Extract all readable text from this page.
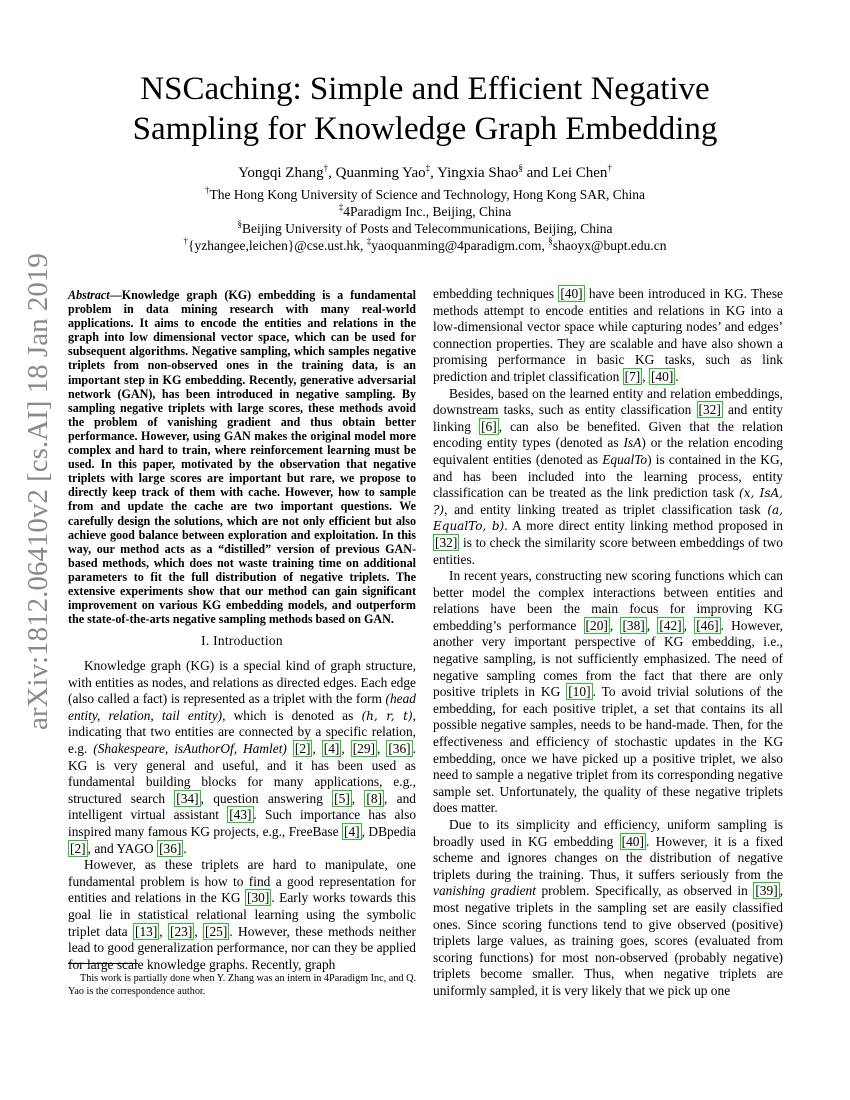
NSCaching: Simple and Efficient Negative Sampling for Knowledge Graph Embedding
Yongqi Zhang†, Quanming Yao‡, Yingxia Shao§ and Lei Chen†
†The Hong Kong University of Science and Technology, Hong Kong SAR, China
‡4Paradigm Inc., Beijing, China
§Beijing University of Posts and Telecommunications, Beijing, China
†{yzhangee,leichen}@cse.ust.hk, ‡yaoquanming@4paradigm.com, §shaoyx@bupt.edu.cn
arXiv:1812.06410v2 [cs.AI] 18 Jan 2019	Abstract—Knowledge graph (KG) embedding is a fundamental problem in data mining research with many real-world applications. It aims to encode the entities and relations in the graph into low dimensional vector space, which can be used for subsequent algorithms. Negative sampling, which samples negative triplets from non-observed ones in the training data, is an important step in KG embedding. Recently, generative adversarial network (GAN), has been introduced in negative sampling. By sampling negative triplets with large scores, these methods avoid the problem of vanishing gradient and thus obtain better performance. However, using GAN makes the original model more complex and hard to train, where reinforcement learning must be used. In this paper, motivated by the observation that negative triplets with large scores are important but rare, we propose to directly keep track of them with cache. However, how to sample from and update the cache are two important questions. We carefully design the solutions, which are not only efficient but also achieve good balance between exploration and exploitation. In this way, our method acts as a “distilled” version of previous GAN-based methods, which does not waste training time on additional parameters to fit the full distribution of negative triplets. The extensive experiments show that our method can gain significant improvement on various KG embedding models, and outperform the state-of-the-arts negative sampling methods based on GAN.
I. Introduction

Knowledge graph (KG) is a special kind of graph structure, with entities as nodes, and relations as directed edges. Each edge (also called a fact) is represented as a triplet with the form (head entity, relation, tail entity), which is denoted as (h, r, t), indicating that two entities are connected by a specific relation, e.g. (Shakespeare, isAuthorOf, Hamlet) [2] , [4] , [29] , [36] . KG is very general and useful, and it has been used as fundamental building blocks for many applications, e.g., structured search [34] , question answering [5] , [8] , and intelligent virtual assistant [43] . Such importance has also inspired many famous KG projects, e.g., FreeBase [4] , DBpedia [2] , and YAGO [36] .

However, as these triplets are hard to manipulate, one fundamental problem is how to find a good representation for entities and relations in the KG [30] . Early works towards this goal lie in statistical relational learning using the symbolic triplet data [13] , [23] , [25] . However, these methods neither lead to good generalization performance, nor can they be applied for large scale knowledge graphs. Recently, graph

This work is partially done when Y. Zhang was an intern in 4Paradigm Inc, and Q. Yao is the correspondence author.

embedding techniques [40] have been introduced in KG. These methods attempt to encode entities and relations in KG into a low-dimensional vector space while capturing nodes’ and edges’ connection properties. They are scalable and have also shown a promising performance in basic KG tasks, such as link prediction and triplet classification [7] , [40] .

Besides, based on the learned entity and relation embeddings, downstream tasks, such as entity classification [32] and entity linking [6] , can also be benefited. Given that the relation encoding entity types (denoted as IsA) or the relation encoding equivalent entities (denoted as EqualTo) is contained in the KG, and has been included into the learning process, entity classification can be treated as the link prediction task (x, IsA, ?), and entity linking treated as triplet classification task (a, EqualTo, b). A more direct entity linking method proposed in [32] is to check the similarity score between embeddings of two entities.

In recent years, constructing new scoring functions which can better model the complex interactions between entities and relations have been the main focus for improving KG embedding’s performance [20] , [38] , [42] , [46] . However, another very important perspective of KG embedding, i.e., negative sampling, is not sufficiently emphasized. The need of negative sampling comes from the fact that there are only positive triplets in KG [10] . To avoid trivial solutions of the embedding, for each positive triplet, a set that contains its all possible negative samples, needs to be hand-made. Then, for the effectiveness and efficiency of stochastic updates in the KG embedding, once we have picked up a positive triplet, we also need to sample a negative triplet from its corresponding negative sample set. Unfortunately, the quality of these negative triplets does matter.

Due to its simplicity and efficiency, uniform sampling is broadly used in KG embedding [40] . However, it is a fixed scheme and ignores changes on the distribution of negative triplets during the training. Thus, it suffers seriously from the vanishing gradient problem. Specifically, as observed in [39] , most negative triplets in the sampling set are easily classified ones. Since scoring functions tend to give observed (positive) triplets large values, as training goes, scores (evaluated from scoring functions) for most non-observed (probably negative) triplets become smaller. Thus, when negative triplets are uniformly sampled, it is very likely that we pick up one
